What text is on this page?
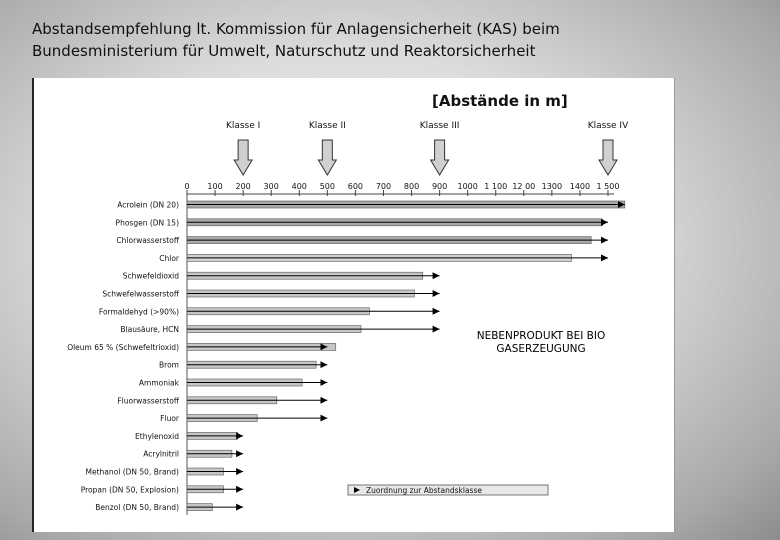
Abstandsempfehlung lt. Kommission für Anlagensicherheit (KAS) beim
Bundesministerium für Umwelt, Naturschutz und Reaktorsicherheit
[Abstände in m]
Klasse I	Klasse II	Klasse III	Klasse IV
0 100 200 300 400 500 600 700 800 900 1000 1 100 12 00 1300 1400 1 500
Acrolein (DN 20)
Phosgen (DN 15)
Chlorwasserstoff
Chlor
Schwefeldioxid
Schwefelwasserstoff
Formaldehyd (>90%)
Blausäure, HCN
Oleum 65 % (Schwefeltrioxid)
Brom
Ammoniak
Fluorwasserstoff
Fluor
Ethylenoxid
Acrylnitril
Methanol (DN 50, Brand)
Propan (DN 50, Explosion)
Benzol (DN 50, Brand)
Zuordnung zur Abstandsklasse
NEBENPRODUKT BEI BIOGASERZEUGUNG
